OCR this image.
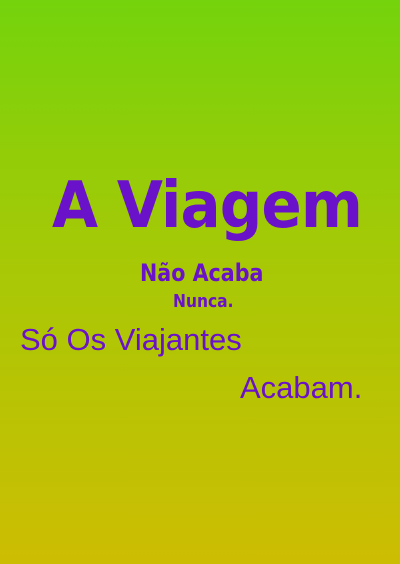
A Viagem
Não Acaba
Nunca.
Só Os Viajantes
Acabam.
